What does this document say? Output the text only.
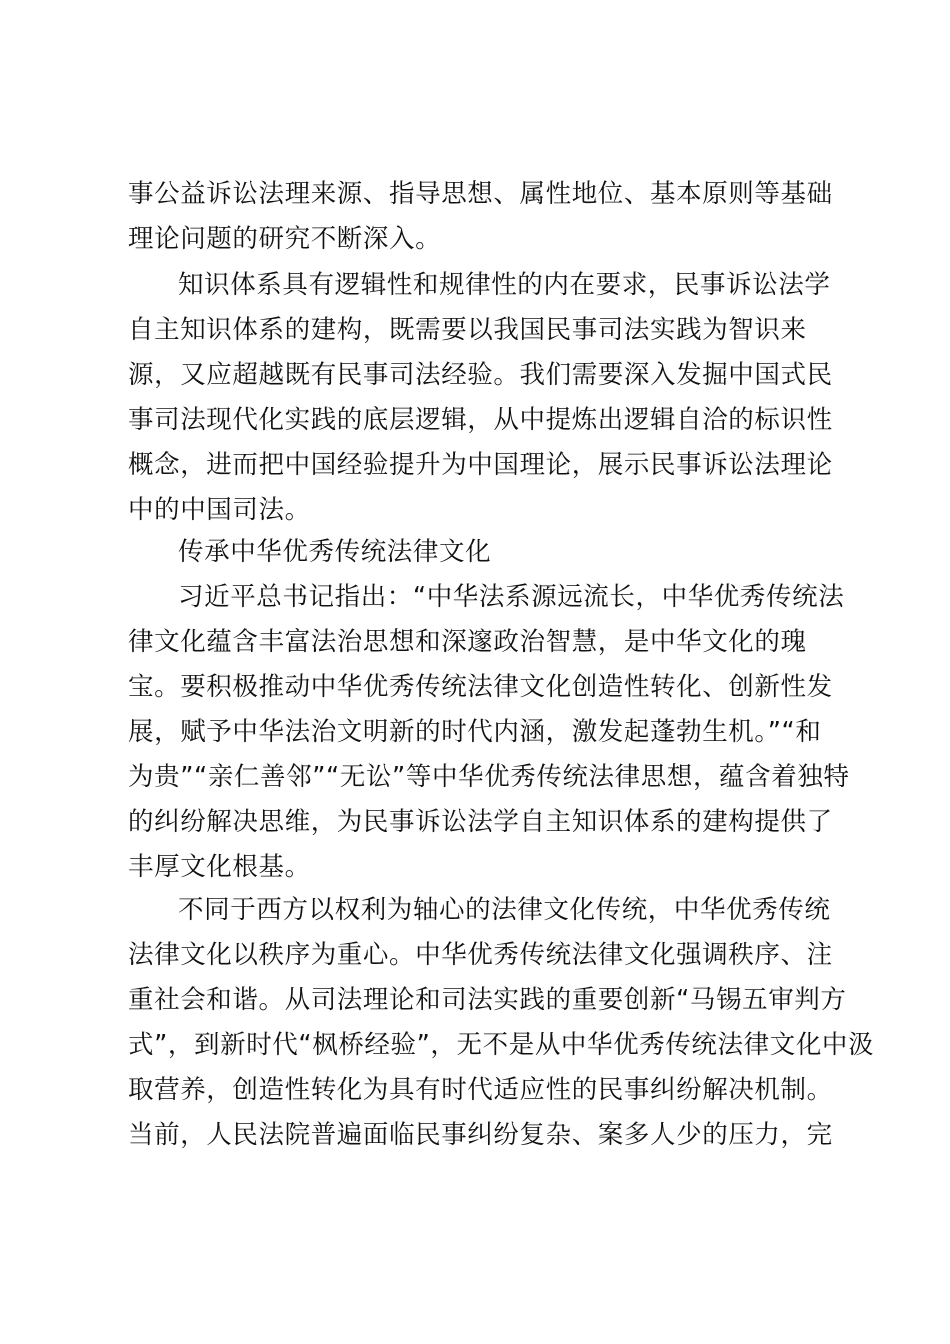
事公益诉讼法理来源、指导思想、属性地位、基本原则等基础
理论问题的研究不断深入。
知识体系具有逻辑性和规律性的内在要求，民事诉讼法学
自主知识体系的建构，既需要以我国民事司法实践为智识来
源，又应超越既有民事司法经验。我们需要深入发掘中国式民
事司法现代化实践的底层逻辑，从中提炼出逻辑自洽的标识性
概念，进而把中国经验提升为中国理论，展示民事诉讼法理论
中的中国司法。
传承中华优秀传统法律文化
习近平总书记指出：“中华法系源远流长，中华优秀传统法
律文化蕴含丰富法治思想和深邃政治智慧，是中华文化的瑰
宝。要积极推动中华优秀传统法律文化创造性转化、创新性发
展，赋予中华法治文明新的时代内涵，激发起蓬勃生机。”“和
为贵”“亲仁善邻”“无讼”等中华优秀传统法律思想，蕴含着独特
的纠纷解决思维，为民事诉讼法学自主知识体系的建构提供了
丰厚文化根基。
不同于西方以权利为轴心的法律文化传统，中华优秀传统
法律文化以秩序为重心。中华优秀传统法律文化强调秩序、注
重社会和谐。从司法理论和司法实践的重要创新“马锡五审判方
式”，到新时代“枫桥经验”，无不是从中华优秀传统法律文化中汲
取营养，创造性转化为具有时代适应性的民事纠纷解决机制。
当前，人民法院普遍面临民事纠纷复杂、案多人少的压力，完
